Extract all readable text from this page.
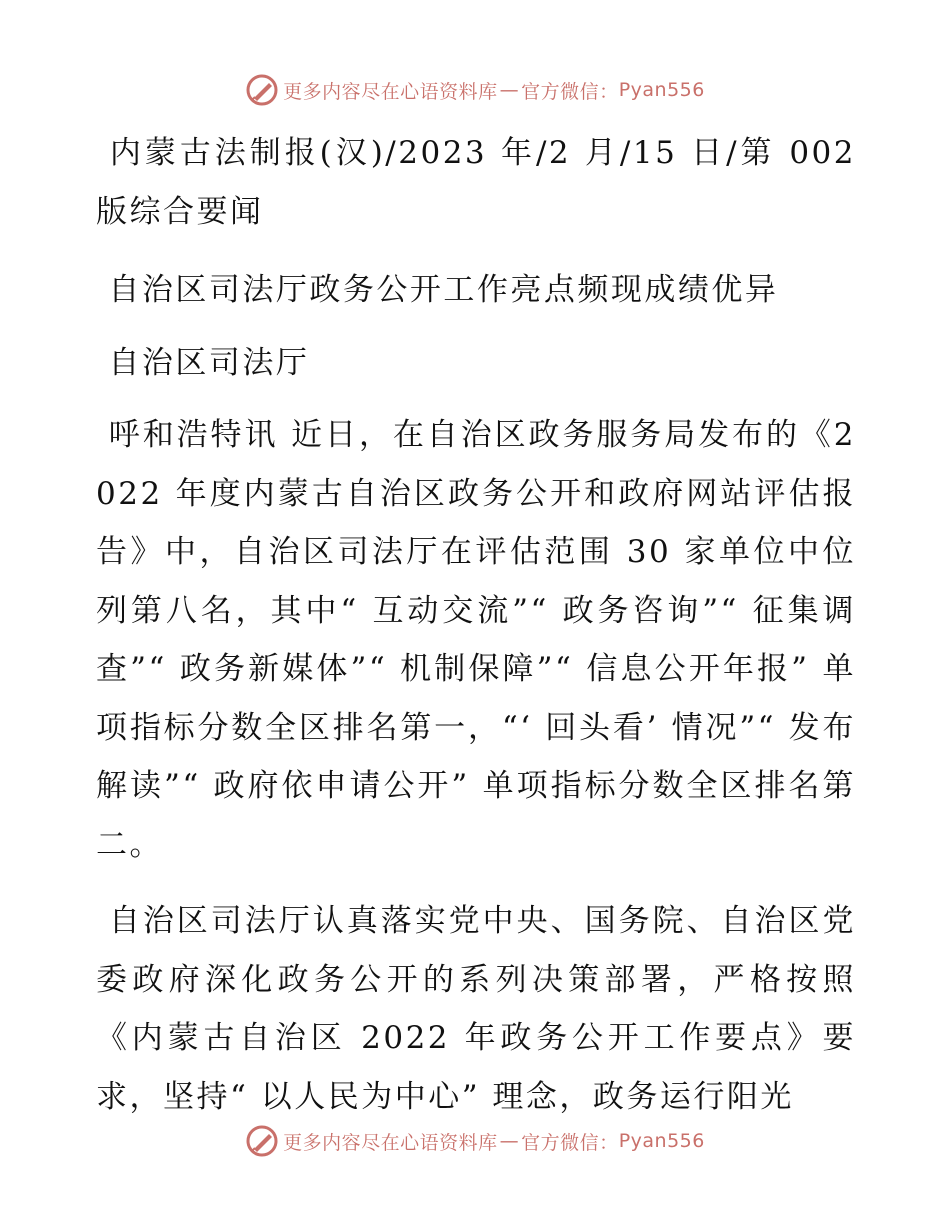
更多内容尽在心语资料库 — 官方微信： Pyan556

内蒙古法制报(汉)/2023 年/2 月/15 日/第 002 版综合要闻

自治区司法厅政务公开工作亮点频现成绩优异

自治区司法厅

呼和浩特讯 近日，在自治区政务服务局发布的《2022 年度内蒙古自治区政务公开和政府网站评估报告》中，自治区司法厅在评估范围 30 家单位中位列第八名，其中“ 互动交流”“ 政务咨询”“ 征集调查”“ 政务新媒体”“ 机制保障”“ 信息公开年报” 单项指标分数全区排名第一，“‘ 回头看’ 情况”“ 发布解读”“ 政府依申请公开” 单项指标分数全区排名第二。

自治区司法厅认真落实党中央、国务院、自治区党委政府深化政务公开的系列决策部署，严格按照《内蒙古自治区 2022 年政务公开工作要点》要求，坚持“ 以人民为中心” 理念，政务运行阳光

更多内容尽在心语资料库 — 官方微信： Pyan556
